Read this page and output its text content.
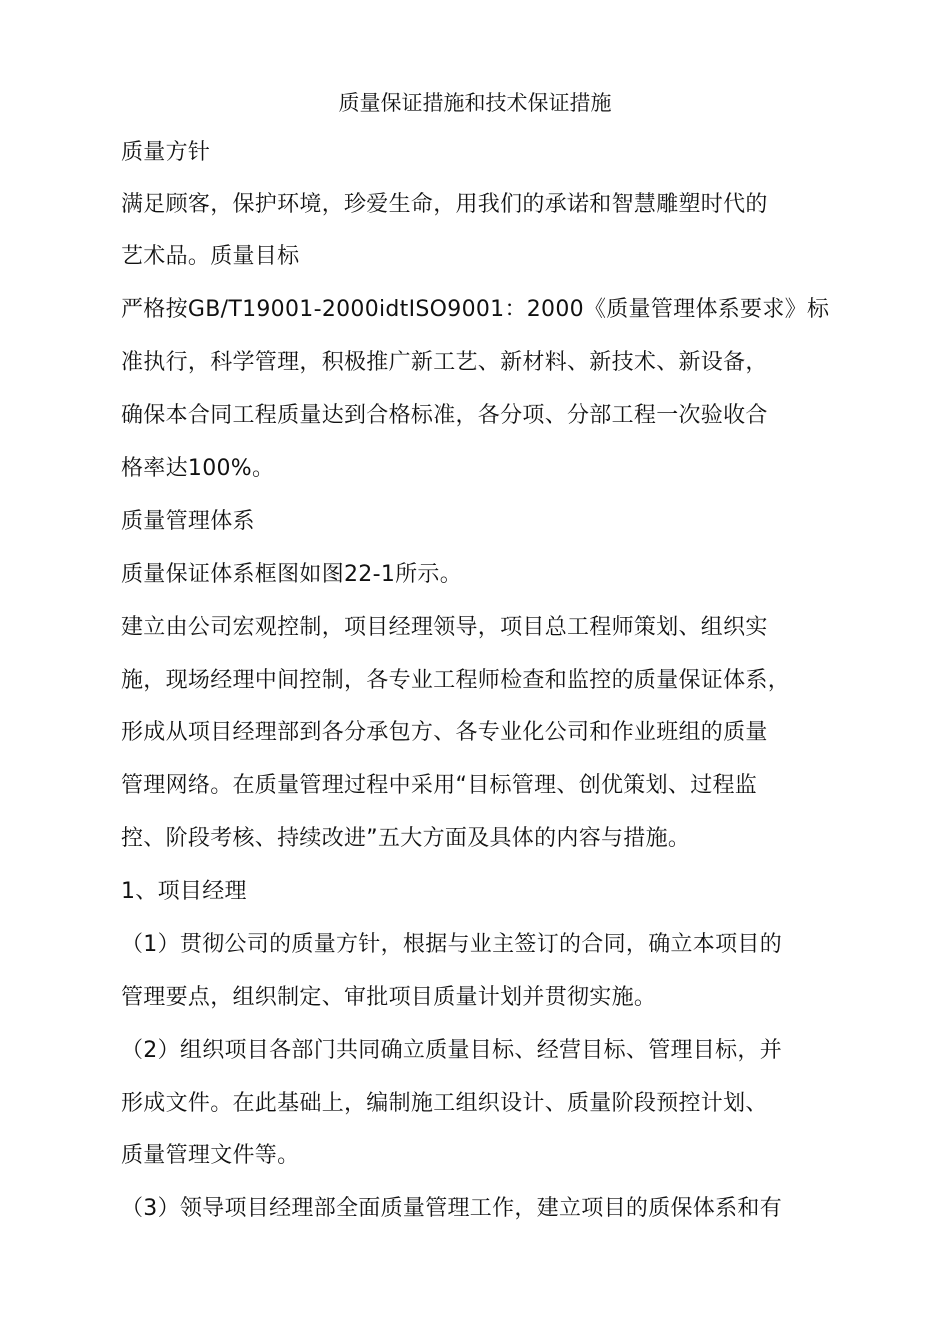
质量保证措施和技术保证措施
质量方针
满足顾客，保护环境，珍爱生命，用我们的承诺和智慧雕塑时代的
艺术品。质量目标
严格按GB/T19001-2000idtISO9001：2000《质量管理体系要求》标
准执行，科学管理，积极推广新工艺、新材料、新技术、新设备，
确保本合同工程质量达到合格标准，各分项、分部工程一次验收合
格率达100%。
质量管理体系
质量保证体系框图如图22-1所示。
建立由公司宏观控制，项目经理领导，项目总工程师策划、组织实
施，现场经理中间控制，各专业工程师检查和监控的质量保证体系，
形成从项目经理部到各分承包方、各专业化公司和作业班组的质量
管理网络。在质量管理过程中采用“目标管理、创优策划、过程监
控、阶段考核、持续改进”五大方面及具体的内容与措施。
1、项目经理
（1）贯彻公司的质量方针，根据与业主签订的合同，确立本项目的
管理要点，组织制定、审批项目质量计划并贯彻实施。
（2）组织项目各部门共同确立质量目标、经营目标、管理目标，并
形成文件。在此基础上，编制施工组织设计、质量阶段预控计划、
质量管理文件等。
（3）领导项目经理部全面质量管理工作，建立项目的质保体系和有
